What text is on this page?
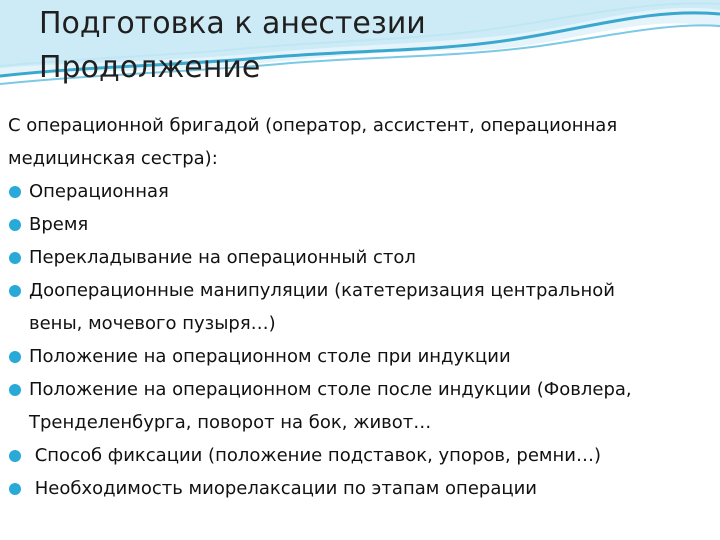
Подготовка к анестезии
Продолжение

С операционной бригадой (оператор, ассистент, операционная
медицинская сестра):

Операционная
Время
Перекладывание на операционный стол
Дооперационные манипуляции (катетеризация центральной
вены, мочевого пузыря…)
Положение на операционном столе при индукции
Положение на операционном столе после индукции (Фовлера,
Тренделенбурга, поворот на бок, живот…
Способ фиксации (положение подставок, упоров, ремни…)
Необходимость миорелаксации по этапам операции
